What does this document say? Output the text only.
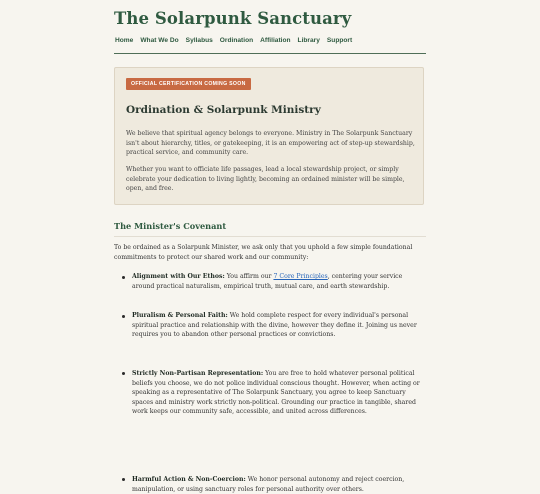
The Solarpunk Sanctuary
Home What We Do Syllabus Ordination Affiliation Library Support
OFFICIAL CERTIFICATION COMING SOON
Ordination & Solarpunk Ministry

We believe that spiritual agency belongs to everyone. Ministry in The Solarpunk Sanctuary isn't about hierarchy, titles, or gatekeeping, it is an empowering act of step-up stewardship, practical service, and community care.

Whether you want to officiate life passages, lead a local stewardship project, or simply celebrate your dedication to living lightly, becoming an ordained minister will be simple, open, and free.

The Minister's Covenant

To be ordained as a Solarpunk Minister, we ask only that you uphold a few simple foundational commitments to protect our shared work and our community:

Alignment with Our Ethos: You affirm our 7 Core Principles, centering your service around practical naturalism, empirical truth, mutual care, and earth stewardship.
Pluralism & Personal Faith: We hold complete respect for every individual's personal spiritual practice and relationship with the divine, however they define it. Joining us never requires you to abandon other personal practices or convictions.
Strictly Non-Partisan Representation: You are free to hold whatever personal political beliefs you choose, we do not police individual conscious thought. However, when acting or speaking as a representative of The Solarpunk Sanctuary, you agree to keep Sanctuary spaces and ministry work strictly non-political. Grounding our practice in tangible, shared work keeps our community safe, accessible, and united across differences.
Harmful Action & Non-Coercion: We honor personal autonomy and reject coercion, manipulation, or using sanctuary roles for personal authority over others.
